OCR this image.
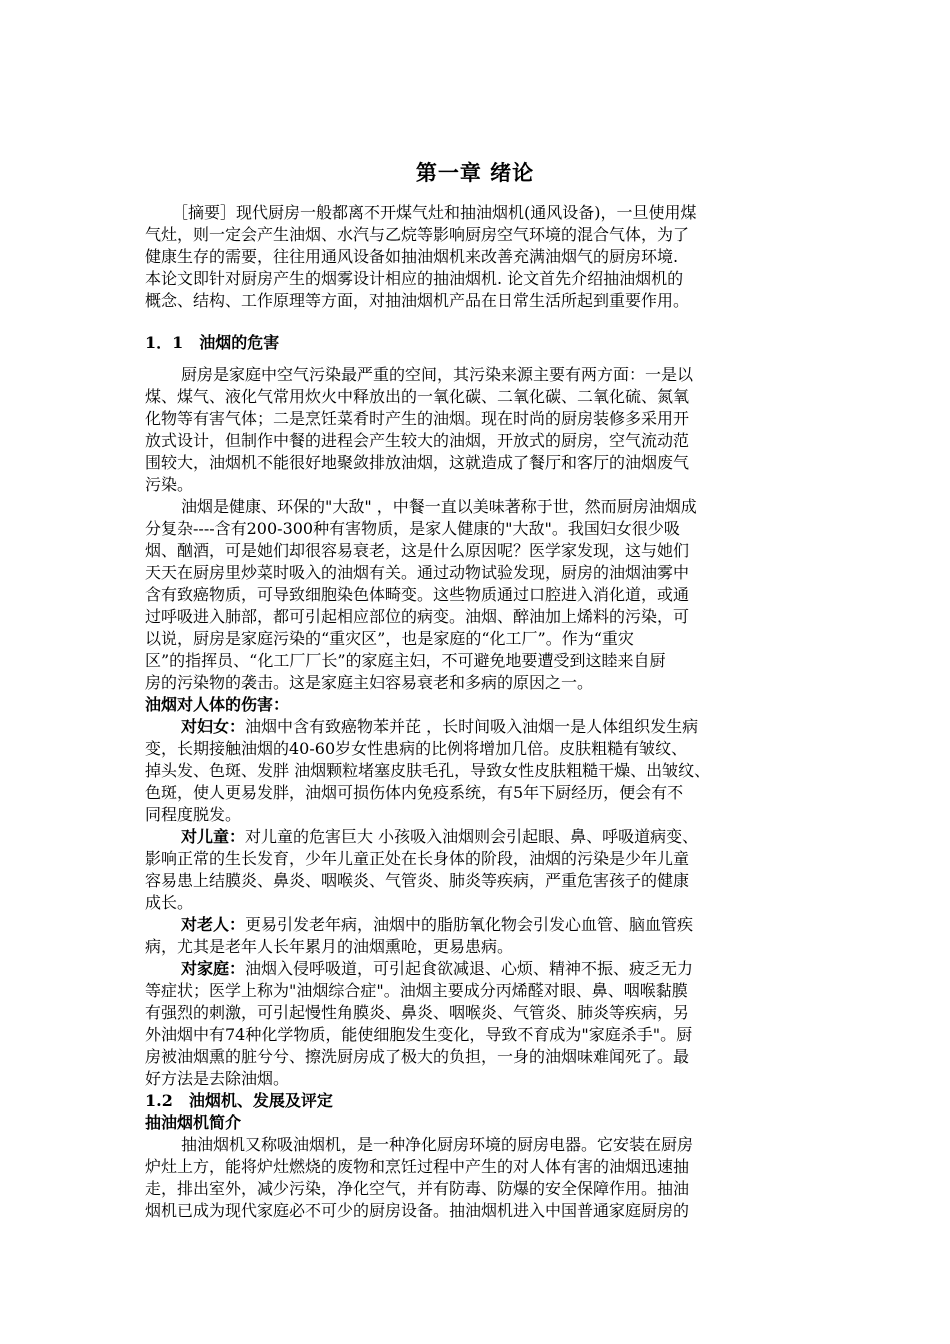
第一章 绪论
［摘要］现代厨房一般都离不开煤气灶和抽油烟机(通风设备)，一旦使用煤
气灶，则一定会产生油烟、水汽与乙烷等影响厨房空气环境的混合气体，为了
健康生存的需要，往往用通风设备如抽油烟机来改善充满油烟气的厨房环境.
本论文即针对厨房产生的烟雾设计相应的抽油烟机. 论文首先介绍抽油烟机的
概念、结构、工作原理等方面，对抽油烟机产品在日常生活所起到重要作用。
1．1　油烟的危害
厨房是家庭中空气污染最严重的空间，其污染来源主要有两方面：一是以
煤、煤气、液化气常用炊火中释放出的一氧化碳、二氧化碳、二氧化硫、氮氧
化物等有害气体；二是烹饪菜肴时产生的油烟。现在时尚的厨房装修多采用开
放式设计，但制作中餐的进程会产生较大的油烟，开放式的厨房，空气流动范
围较大，油烟机不能很好地聚敛排放油烟，这就造成了餐厅和客厅的油烟废气
污染。
油烟是健康、环保的"大敌" ，中餐一直以美味著称于世，然而厨房油烟成
分复杂----含有200-300种有害物质，是家人健康的"大敌"。我国妇女很少吸
烟、酗酒，可是她们却很容易衰老，这是什么原因呢？医学家发现，这与她们
天天在厨房里炒菜时吸入的油烟有关。通过动物试验发现，厨房的油烟油雾中
含有致癌物质，可导致细胞染色体畸变。这些物质通过口腔进入消化道，或通
过呼吸进入肺部，都可引起相应部位的病变。油烟、醉油加上烯料的污染，可
以说，厨房是家庭污染的“重灾区”，也是家庭的“化工厂”。作为“重灾
区”的指挥员、“化工厂厂长”的家庭主妇，不可避免地要遭受到这睦来自厨
房的污染物的袭击。这是家庭主妇容易衰老和多病的原因之一。
油烟对人体的伤害：
对妇女：油烟中含有致癌物苯并芘 ，长时间吸入油烟一是人体组织发生病
变，长期接触油烟的40-60岁女性患病的比例将增加几倍。皮肤粗糙有皱纹、
掉头发、色斑、发胖 油烟颗粒堵塞皮肤毛孔，导致女性皮肤粗糙干燥、出皱纹、
色斑，使人更易发胖，油烟可损伤体内免疫系统，有5年下厨经历，便会有不
同程度脱发。
对儿童：对儿童的危害巨大 小孩吸入油烟则会引起眼、鼻、呼吸道病变、
影响正常的生长发育，少年儿童正处在长身体的阶段，油烟的污染是少年儿童
容易患上结膜炎、鼻炎、咽喉炎、气管炎、肺炎等疾病，严重危害孩子的健康
成长。
对老人：更易引发老年病，油烟中的脂肪氧化物会引发心血管、脑血管疾
病，尤其是老年人长年累月的油烟熏呛，更易患病。
对家庭：油烟入侵呼吸道，可引起食欲减退、心烦、精神不振、疲乏无力
等症状；医学上称为"油烟综合症"。油烟主要成分丙烯醛对眼、鼻、咽喉黏膜
有强烈的刺激，可引起慢性角膜炎、鼻炎、咽喉炎、气管炎、肺炎等疾病，另
外油烟中有74种化学物质，能使细胞发生变化，导致不育成为"家庭杀手"。厨
房被油烟熏的脏兮兮、擦洗厨房成了极大的负担，一身的油烟味难闻死了。最
好方法是去除油烟。
1.2　油烟机、发展及评定
抽油烟机简介
抽油烟机又称吸油烟机，是一种净化厨房环境的厨房电器。它安装在厨房
炉灶上方，能将炉灶燃烧的废物和烹饪过程中产生的对人体有害的油烟迅速抽
走，排出室外，减少污染，净化空气，并有防毒、防爆的安全保障作用。抽油
烟机已成为现代家庭必不可少的厨房设备。抽油烟机进入中国普通家庭厨房的
